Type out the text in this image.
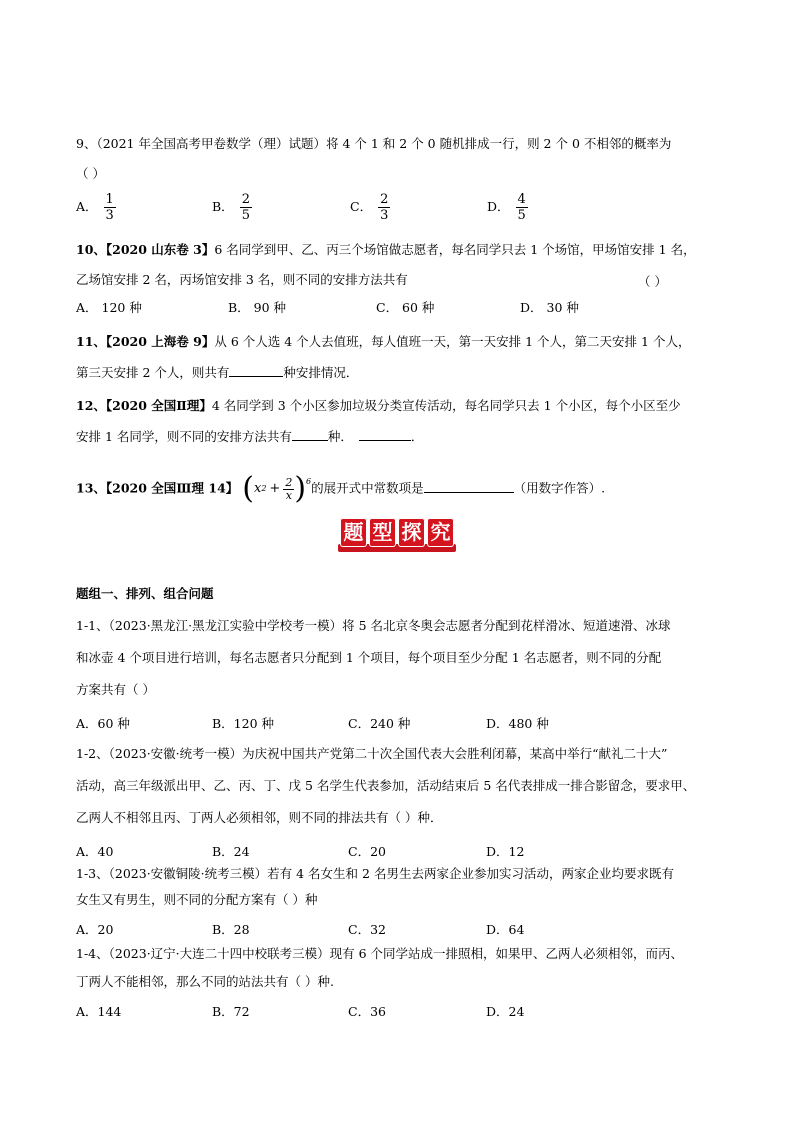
9、（2021 年全国高考甲卷数学（理）试题）将 4 个 1 和 2 个 0 随机排成一行，则 2 个 0 不相邻的概率为
（ ）
A． $\frac{1}{3}$	B． $\frac{2}{5}$	C． $\frac{2}{3}$	D． $\frac{4}{5}$
10、【2020 山东卷 3】6 名同学到甲、乙、丙三个场馆做志愿者，每名同学只去 1 个场馆，甲场馆安排 1 名，
乙场馆安排 2 名，丙场馆安排 3 名，则不同的安排方法共有	（ ）
A． 120 种	B． 90 种	C． 60 种	D． 30 种
11、【2020 上海卷 9】从 6 个人选 4 个人去值班，每人值班一天，第一天安排 1 个人，第二天安排 1 个人，
第三天安排 2 个人，则共有	种安排情况．
12、【2020 全国Ⅱ理】4 名同学到 3 个小区参加垃圾分类宣传活动，每名同学只去 1 个小区，每个小区至少
安排 1 名同学，则不同的安排方法共有	种．	．
13、【2020 全国Ⅲ理 14】 ( x $2 + \frac{2}{x} )^6$ 的展开式中常数项是	（用数字作答）.
题 型 探 究
题组一、排列、组合问题
1-1、（2023·黑龙江·黑龙江实验中学校考一模）将 5 名北京冬奥会志愿者分配到花样滑冰、短道速滑、冰球
和冰壶 4 个项目进行培训，每名志愿者只分配到 1 个项目，每个项目至少分配 1 名志愿者，则不同的分配
方案共有（ ）
A．60 种	B．120 种	C．240 种	D．480 种
1-2、（2023·安徽·统考一模）为庆祝中国共产党第二十次全国代表大会胜利闭幕，某高中举行“献礼二十大”
活动，高三年级派出甲、乙、丙、丁、戊 5 名学生代表参加，活动结束后 5 名代表排成一排合影留念，要求甲、
乙两人不相邻且丙、丁两人必须相邻，则不同的排法共有（ ）种．
A．40	B．24	C．20	D．12
1-3、（2023·安徽铜陵·统考三模）若有 4 名女生和 2 名男生去两家企业参加实习活动，两家企业均要求既有
女生又有男生，则不同的分配方案有（ ）种
A．20	B．28	C．32	D．64
1-4、（2023·辽宁·大连二十四中校联考三模）现有 6 个同学站成一排照相，如果甲、乙两人必须相邻，而丙、
丁两人不能相邻，那么不同的站法共有（ ）种.
A．144	B．72	C．36	D．24
